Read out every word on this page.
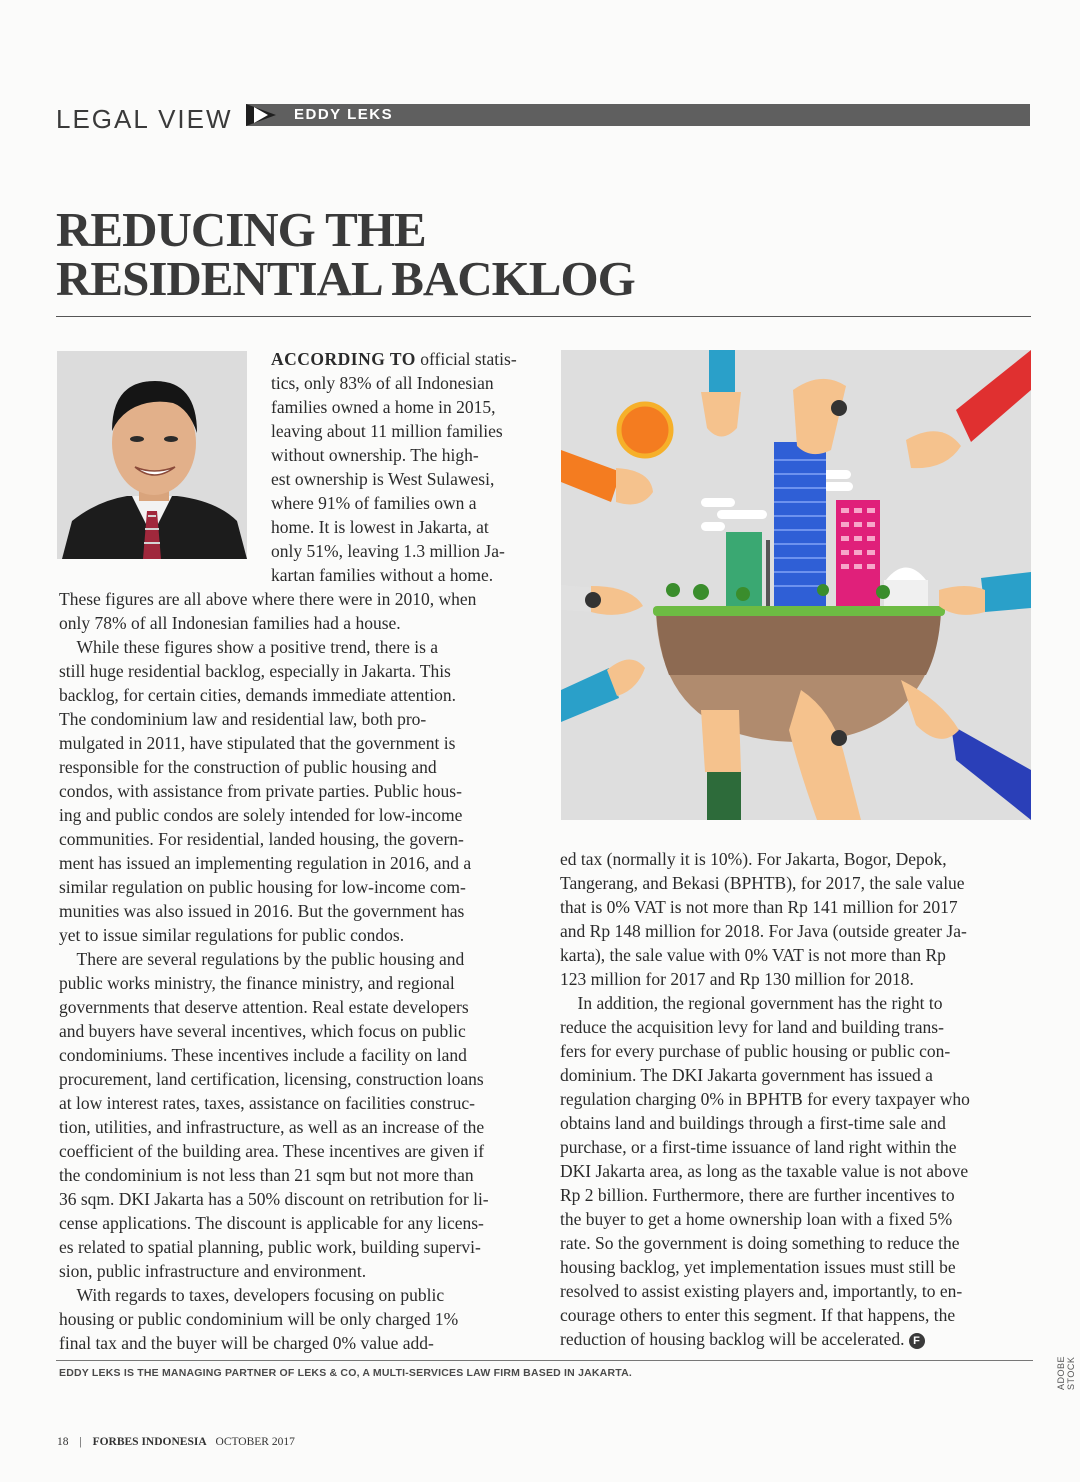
LEGAL VIEW	EDDY LEKS
REDUCING THE
RESIDENTIAL BACKLOG
ACCORDING TO official statis-
tics, only 83% of all Indonesian
families owned a home in 2015,
leaving about 11 million families
without ownership. The high-
est ownership is West Sulawesi,
where 91% of families own a
home. It is lowest in Jakarta, at
only 51%, leaving 1.3 million Ja-
kartan families without a home.
These figures are all above where there were in 2010, when
only 78% of all Indonesian families had a house.
 While these figures show a positive trend, there is a
still huge residential backlog, especially in Jakarta. This
backlog, for certain cities, demands immediate attention.
The condominium law and residential law, both pro-
mulgated in 2011, have stipulated that the government is
responsible for the construction of public housing and
condos, with assistance from private parties. Public hous-
ing and public condos are solely intended for low-income
communities. For residential, landed housing, the govern-
ment has issued an implementing regulation in 2016, and a
similar regulation on public housing for low-income com-
munities was also issued in 2016. But the government has
yet to issue similar regulations for public condos.
 There are several regulations by the public housing and
public works ministry, the finance ministry, and regional
governments that deserve attention. Real estate developers
and buyers have several incentives, which focus on public
condominiums. These incentives include a facility on land
procurement, land certification, licensing, construction loans
at low interest rates, taxes, assistance on facilities construc-
tion, utilities, and infrastructure, as well as an increase of the
coefficient of the building area. These incentives are given if
the condominium is not less than 21 sqm but not more than
36 sqm. DKI Jakarta has a 50% discount on retribution for li-
cense applications. The discount is applicable for any licens-
es related to spatial planning, public work, building supervi-
sion, public infrastructure and environment.
 With regards to taxes, developers focusing on public
housing or public condominium will be only charged 1%
final tax and the buyer will be charged 0% value add-
ed tax (normally it is 10%). For Jakarta, Bogor, Depok,
Tangerang, and Bekasi (BPHTB), for 2017, the sale value
that is 0% VAT is not more than Rp 141 million for 2017
and Rp 148 million for 2018. For Java (outside greater Ja-
karta), the sale value with 0% VAT is not more than Rp
123 million for 2017 and Rp 130 million for 2018.
 In addition, the regional government has the right to
reduce the acquisition levy for land and building trans-
fers for every purchase of public housing or public con-
dominium. The DKI Jakarta government has issued a
regulation charging 0% in BPHTB for every taxpayer who
obtains land and buildings through a first-time sale and
purchase, or a first-time issuance of land right within the
DKI Jakarta area, as long as the taxable value is not above
Rp 2 billion. Furthermore, there are further incentives to
the buyer to get a home ownership loan with a fixed 5%
rate. So the government is doing something to reduce the
housing backlog, yet implementation issues must still be
resolved to assist existing players and, importantly, to en-
courage others to enter this segment. If that happens, the
reduction of housing backlog will be accelerated. F
EDDY LEKS IS THE MANAGING PARTNER OF LEKS & CO, A MULTI-SERVICES LAW FIRM BASED IN JAKARTA.
18 | FORBES INDONESIA OCTOBER 2017
ADOBE STOCK
